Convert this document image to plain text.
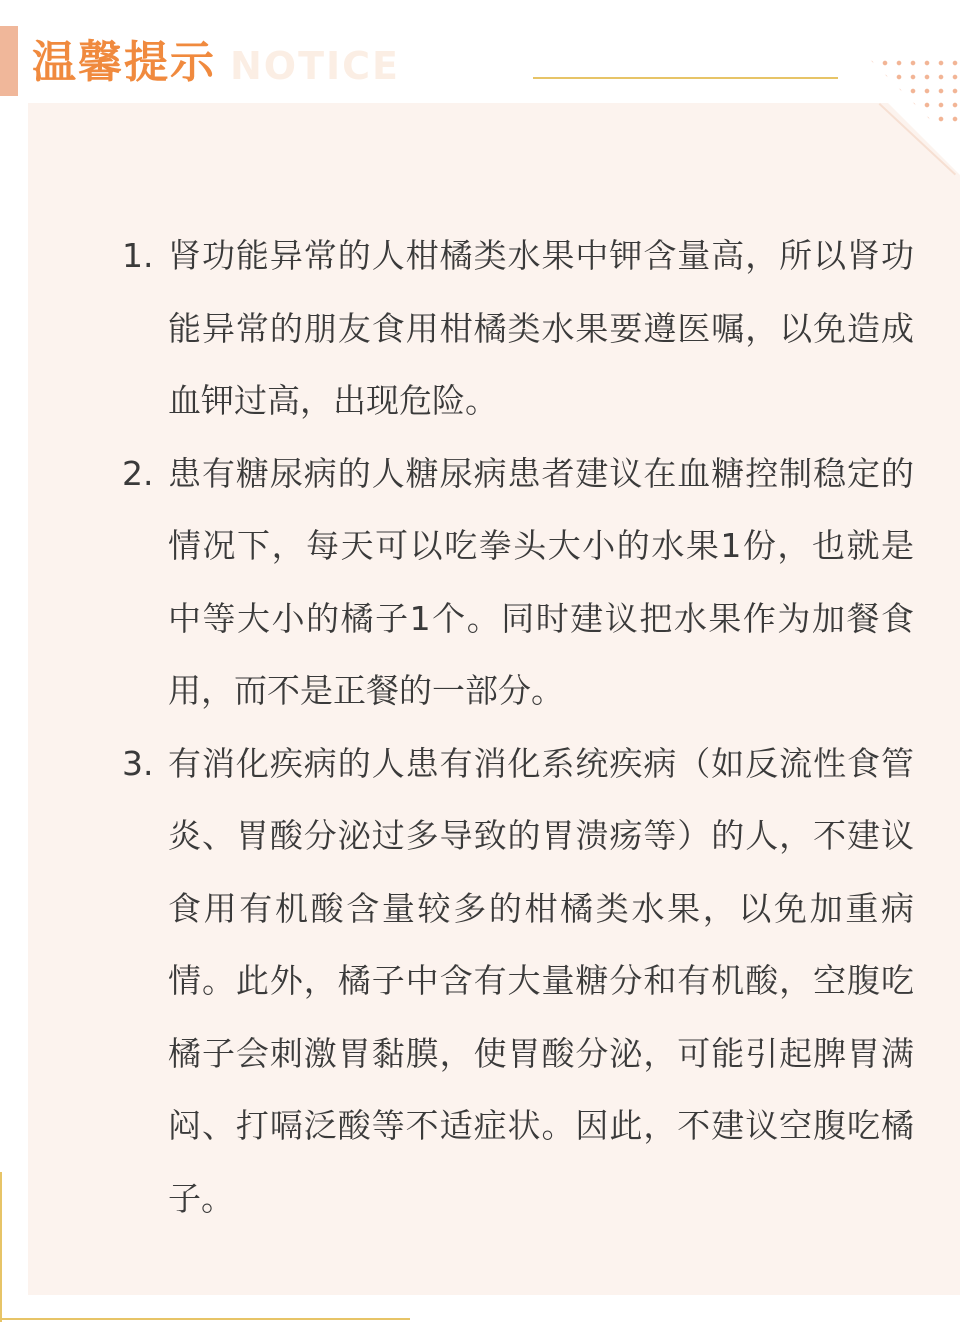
温馨提示 NOTICE
1. 肾功能异常的人柑橘类水果中钾含量高，所以肾功能异常的朋友食用柑橘类水果要遵医嘱，以免造成血钾过高，出现危险。
2. 患有糖尿病的人糖尿病患者建议在血糖控制稳定的情况下，每天可以吃拳头大小的水果1份，也就是中等大小的橘子1个。同时建议把水果作为加餐食用，而不是正餐的一部分。
3. 有消化疾病的人患有消化系统疾病（如反流性食管炎、胃酸分泌过多导致的胃溃疡等）的人，不建议食用有机酸含量较多的柑橘类水果，以免加重病情。此外，橘子中含有大量糖分和有机酸，空腹吃橘子会刺激胃黏膜，使胃酸分泌，可能引起脾胃满闷、打嗝泛酸等不适症状。因此，不建议空腹吃橘子。
